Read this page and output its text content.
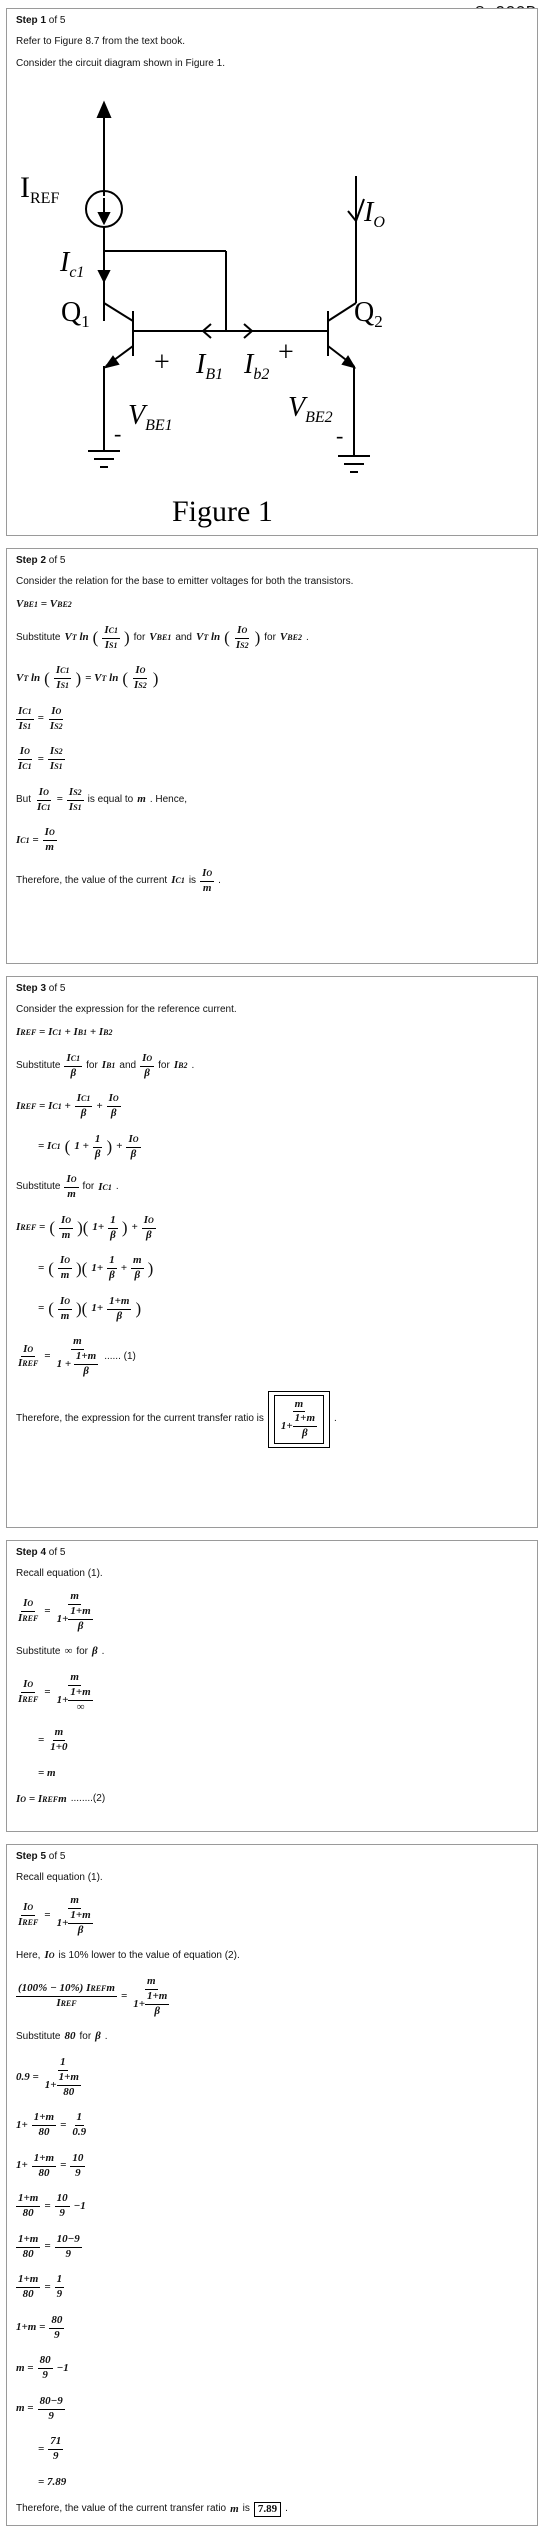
Step 1 of 5
Refer to Figure 8.7 from the text book.
Consider the circuit diagram shown in Figure 1.
$I_{REF}$
$I_{c1}$
$I_O$
$Q_1$	$Q_2$
+	+
$I_{B1}$ $I_{b2}$
$V_{BE1}$
$V_{BE2}$
-	-
Figure 1
Step 2 of 5
Consider the relation for the base to emitter voltages for both the transistors.
VBE1 = VBE2
Substitute VT ln ( IC1
IS1 ) for VBE1 and VT ln ( IO
IS2 ) for VBE2 .
VT ln ( IC1
IS1 ) = VT ln ( IO
IS2 )
$\frac{IC1}{IS1} = \frac{IO}{IS2}$
$\frac{IO}{IC1} = \frac{IS2}{IS1}$
But $\frac{IO}{IC1} = \frac{IS2}{IS1}$ is equal to m . Hence,
$IC1 = \frac{IO}{m}$
Therefore, the value of the current IC1 is
IO
m
.
Step 3 of 5
Consider the expression for the reference current.
IREF = IC1 + IB1 + IB2
Substitute
IC1
β
for IB1 and
IO
β
for IB2 .
IREF = $IC1 + \frac{IC1}{\beta} + \frac{IO}{\beta}$
= IC1 ( $1 + \frac{1}{\beta}$ ) + $\frac{IO}{\beta}$
Substitute
IO
m
for IC1 .
IREF = ( IO
m )( $1+ \frac{1}{\beta}$ ) + $\frac{IO}{\beta}$
= ( IO
m )( $1+ \frac{1}{\beta} + \frac{m}{\beta}$ )
= ( IO
m )( $1+ \frac{1+m}{\beta}$ )
IO
IREF
= $\frac{m}{1 + \frac{1+m}{\beta}}$ ...... (1)
Therefore, the expression for the current transfer ratio is $\frac{m}{1+ \frac{1+m}{\beta}}$ .
Step 4 of 5
Recall equation (1).
IO
IREF
= $\frac{m}{1+ \frac{1+m}{\beta}}$
Substitute ∞ for β .
IO
IREF
= m
1+
1+m
∞
= $\frac{m}{1+0}$
= m
IO = IREFm ........(2)
Step 5 of 5
Recall equation (1).
IO
IREF
= $\frac{m}{1+ \frac{1+m}{\beta}}$
Here, IO is 10% lower to the value of equation (2).
(100% − 10%) IREFm
IREF
= $\frac{m}{1+ \frac{1+m}{\beta}}$
Substitute 80 for β .
$0.9 = \frac{1}{1+ \frac{1+m}{80}}$
$1+ \frac{1+m}{80} = \frac{1}{0.9}$
$1+ \frac{1+m}{80} = \frac{10}{9}$
$\frac{1+m}{80} = \frac{10}{9} -1$
$\frac{1+m}{80} = \frac{10-9}{9}$
$\frac{1+m}{80} = \frac{1}{9}$
$1+m = \frac{80}{9}$
$m = \frac{80}{9} -1$
$m = \frac{80-9}{9}$
= $\frac{71}{9}$
= 7.89
Therefore, the value of the current transfer ratio m is 7.89 .
